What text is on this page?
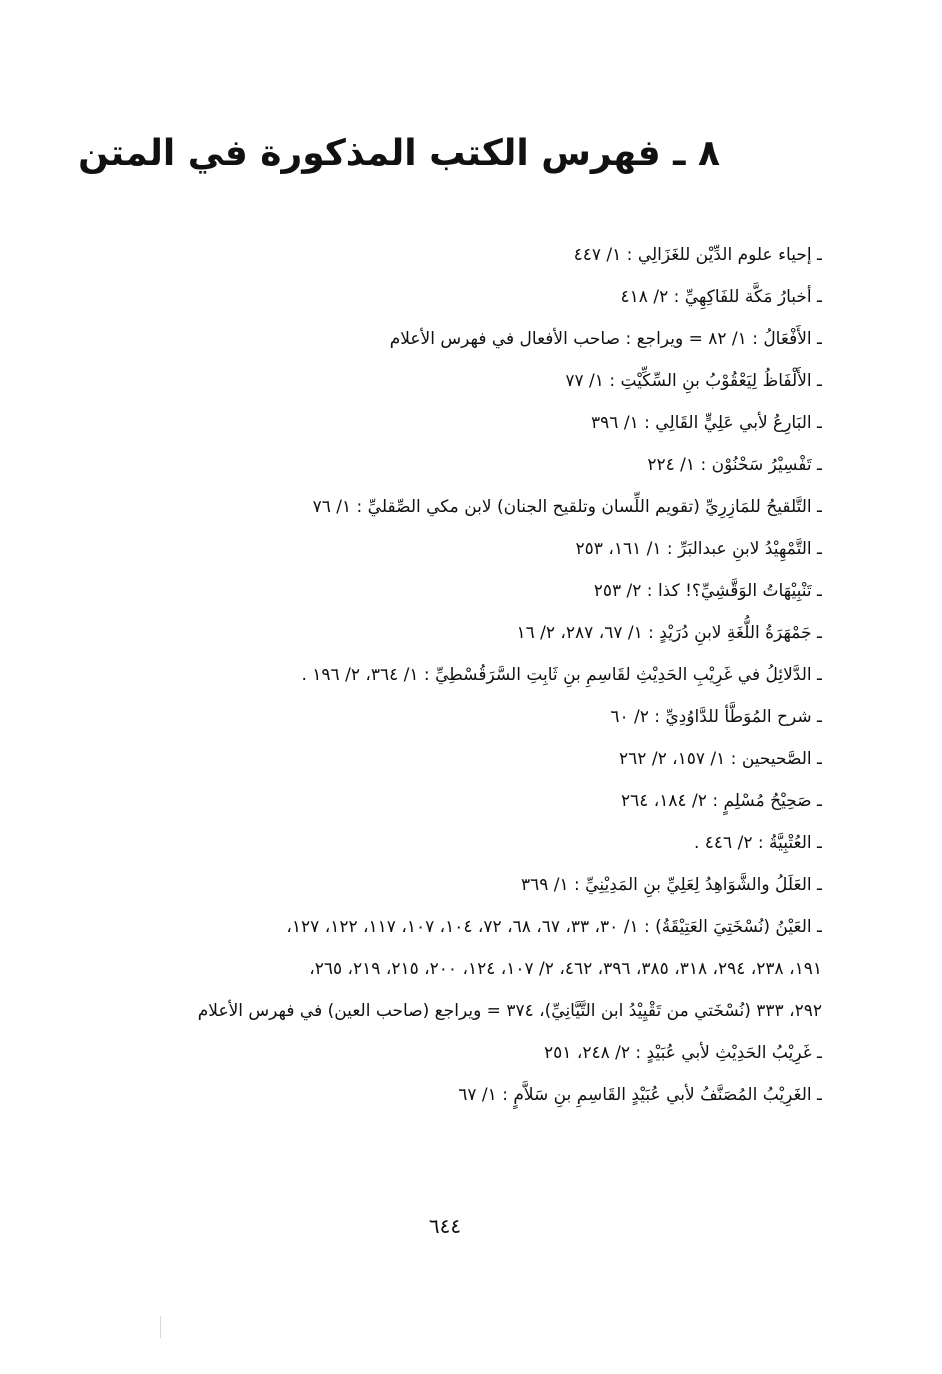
٨ ـ فهرس الكتب المذكورة في المتن
ـ إحياء علوم الدِّيْن للغَزَالِي : ١/ ٤٤٧
ـ أخبارُ مَكَّة للفَاكِهِيِّ : ٢/ ٤١٨
ـ الأَفْعَالُ : ١/ ٨٢ = ويراجع : صاحب الأفعال في فهرس الأعلام
ـ الأَلْفَاظُ لِيَعْقُوْبُ بنِ السِّكِّيْتِ : ١/ ٧٧
ـ البَارِعُ لأبي عَلِيٍّ القَالِي : ١/ ٣٩٦
ـ تَفْسِيْرُ سَحْنُوْن : ١/ ٢٢٤
ـ التَّلقيحُ للمَازِرِيِّ (تقويم اللِّسان وتلقيح الجنان) لابن مكي الصِّقليِّ : ١/ ٧٦
ـ التَّمْهِيْدُ لابنِ عبدالبَرِّ : ١/ ١٦١، ٢٥٣
ـ تَنْبِيْهَاتُ الوَقَّشِيِّ؟! كذا : ٢/ ٢٥٣
ـ جَمْهَرَةُ اللُّغَةِ لابنِ دُرَيْدٍ : ١/ ٦٧، ٢٨٧، ٢/ ١٦
ـ الدَّلائِلُ في غَرِيْبِ الحَدِيْثِ لقَاسِمِ بنِ ثَابِتِ السَّرَقُسْطِيِّ : ١/ ٣٦٤، ٢/ ١٩٦ .
ـ شرح المُوَطَّأ للدَّاوُدِيِّ : ٢/ ٦٠
ـ الصَّحيحين : ١/ ١٥٧، ٢/ ٢٦٢
ـ صَحِيْحُ مُسْلِمٍ : ٢/ ١٨٤، ٢٦٤
ـ العُتْبِيَّةُ : ٢/ ٤٤٦ .
ـ العَلَلُ والشَّوَاهِدُ لِعَلِيِّ بنِ المَدِيْنِيِّ : ١/ ٣٦٩
ـ العَيْنُ (نُسْخَتِيَ العَتِيْقَةُ) : ١/ ٣٠، ٣٣، ٦٧، ٦٨، ٧٢، ١٠٤، ١٠٧، ١١٧، ١٢٢، ١٢٧،
١٩١، ٢٣٨، ٢٩٤، ٣١٨، ٣٨٥، ٣٩٦، ٤٦٢، ٢/ ١٠٧، ١٢٤، ٢٠٠، ٢١٥، ٢١٩، ٢٦٥،
٢٩٢، ٣٣٣ (نُسْخَتي من تَقْيِيْدُ ابن التَّيَّانِيِّ)، ٣٧٤ = ويراجع (صاحب العين) في فهرس الأعلام
ـ غَرِيْبُ الحَدِيْثِ لأبي عُبَيْدٍ : ٢/ ٢٤٨، ٢٥١
ـ الغَرِيْبُ المُصَنَّفُ لأبي عُبَيْدٍ القَاسِمِ بنِ سَلاَّمٍ : ١/ ٦٧
٦٤٤
